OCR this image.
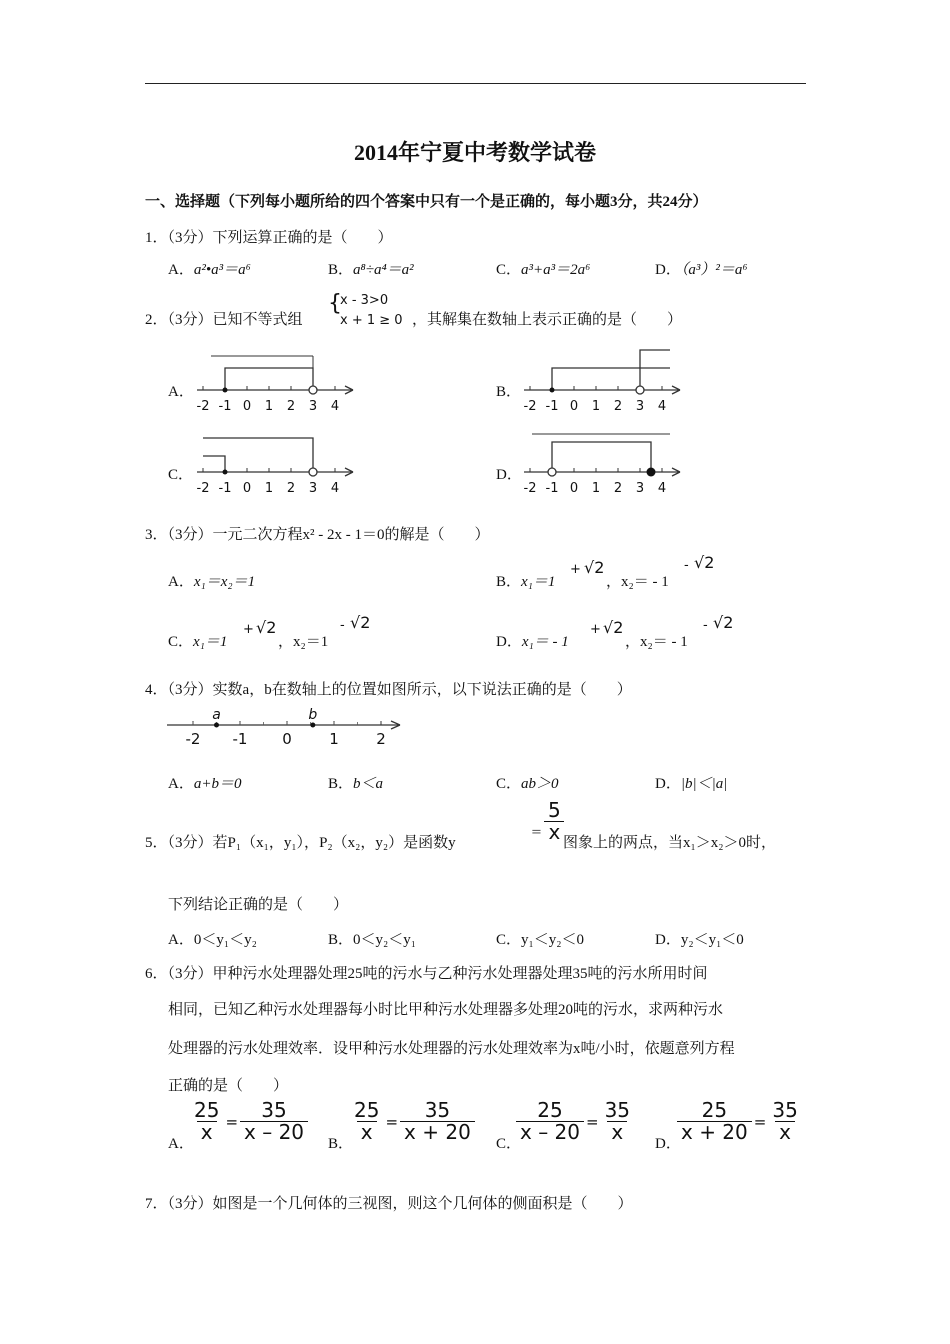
2014年宁夏中考数学试卷
一、选择题（下列每小题所给的四个答案中只有一个是正确的，每小题3分，共24分）
1．（3分）下列运算正确的是（　　）
A．a²•a³＝a⁶	B．a⁸÷a⁴＝a²	C．a³+a³＝2a⁶	D．（a³）²＝a⁶
2．（3分）已知不等式组
{
x - 3>0
x + 1 ≥ 0 ，其解集在数轴上表示正确的是（　　）
A．	B．
C．	D．
-2 -1 0 1 2 3 4	-2 -1 0 1 2 3 4
-2 -1 0 1 2 3 4	-2 -1 0 1 2 3 4
3．（3分）一元二次方程x² - 2x - 1＝0的解是（　　）
A．x₁＝x₂＝1	B．x₁＝1
+ √2
，x₂＝ - 1
- √2
C．x₁＝1
+ √2
，x₂＝1
- √2
D．x₁＝ - 1
+ √2
，x₂＝ - 1
- √2
4．（3分）实数a，b在数轴上的位置如图所示，以下说法正确的是（　　）
-2 -1 0 1 2
a	b
A．a+b＝0	B．b＜a	C．ab＞0	D．|b|＜|a|
5．（3分）若P₁（x₁，y₁），P₂（x₂，y₂）是函数y
= $\frac{5}{x}$
图象上的两点，当x₁＞x₂＞0时，
下列结论正确的是（　　）
A．0＜y₁＜y₂	B．0＜y₂＜y₁	C．y₁＜y₂＜0	D．y₂＜y₁＜0
6．（3分）甲种污水处理器处理25吨的污水与乙种污水处理器处理35吨的污水所用时间
相同，已知乙种污水处理器每小时比甲种污水处理器多处理20吨的污水，求两种污水
处理器的污水处理效率．设甲种污水处理器的污水处理效率为x吨/小时，依题意列方程
正确的是（　　）
A．
$\frac{25}{x} = \frac{35}{x - 20}$
B．
$\frac{25}{x} = \frac{35}{x + 20}$
C．
$\frac{25}{x - 20} = \frac{35}{x}$
D．
$\frac{25}{x + 20} = \frac{35}{x}$
7．（3分）如图是一个几何体的三视图，则这个几何体的侧面积是（　　）
